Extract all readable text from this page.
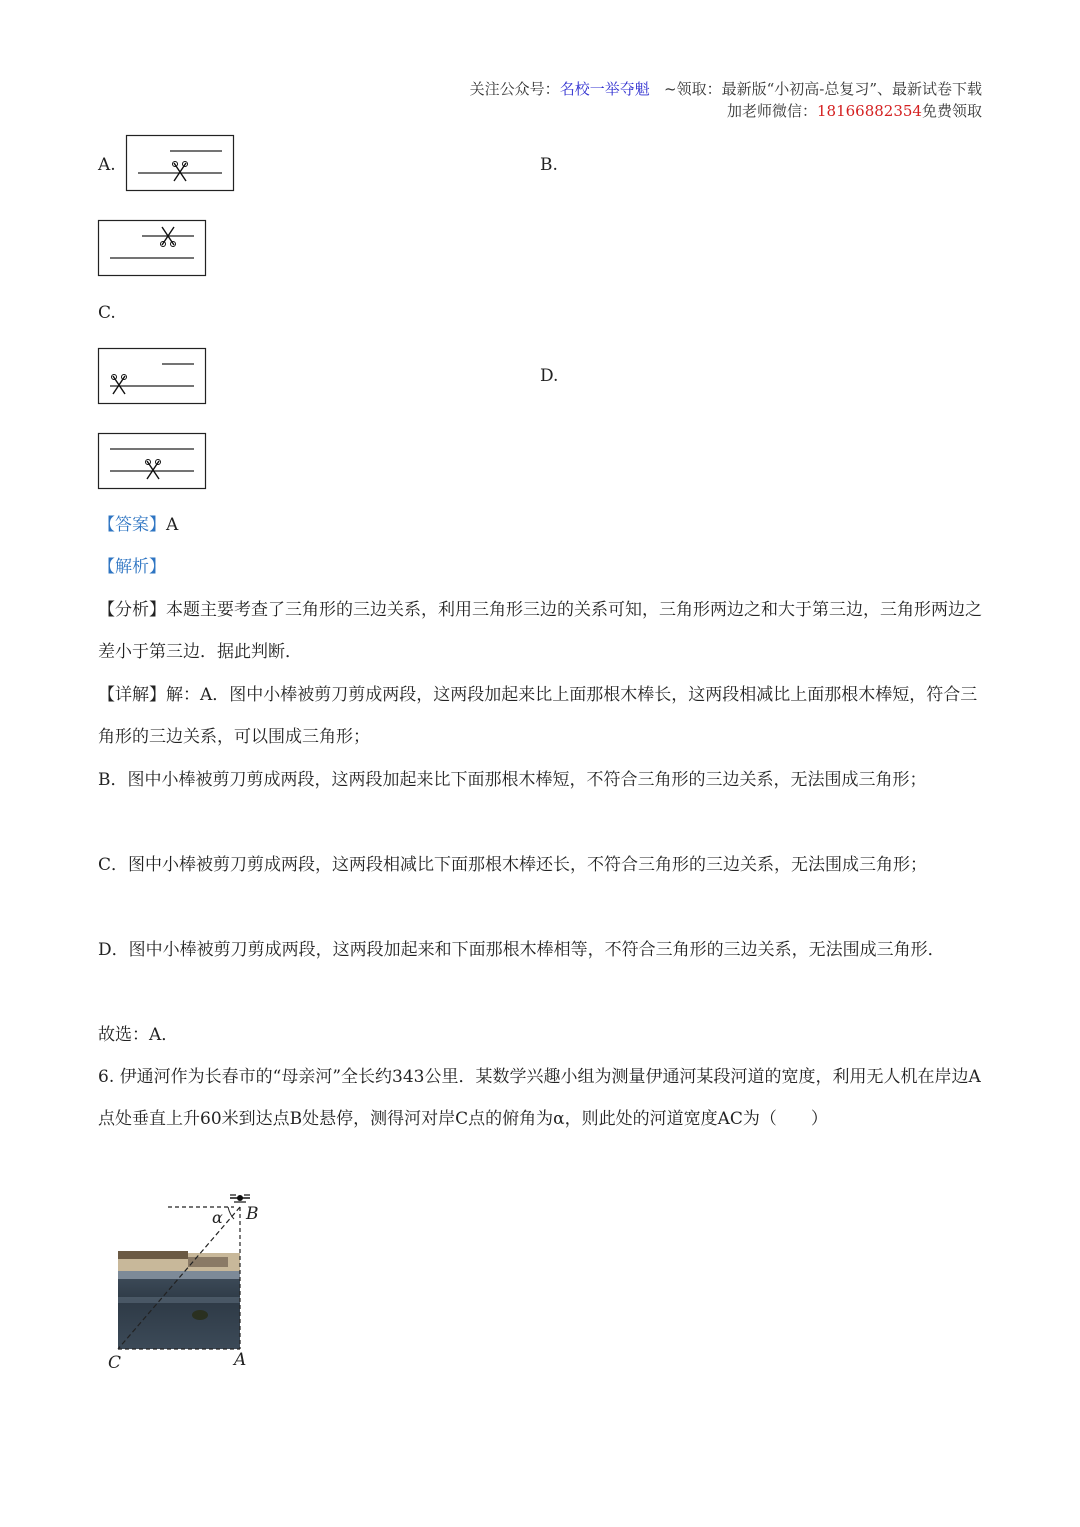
关注公众号：名校一举夺魁 ~领取：最新版“小初高-总复习”、最新试卷下载
加老师微信：18166882354免费领取
A.	B.
C.
D.
【答案】A
【解析】

【分析】本题主要考查了三角形的三边关系，利用三角形三边的关系可知，三角形两边之和大于第三边，三角形两边之差小于第三边．据此判断．

【详解】解：A．图中小棒被剪刀剪成两段，这两段加起来比上面那根木棒长，这两段相减比上面那根木棒短，符合三角形的三边关系，可以围成三角形；

B．图中小棒被剪刀剪成两段，这两段加起来比下面那根木棒短，不符合三角形的三边关系，无法围成三角形；

C．图中小棒被剪刀剪成两段，这两段相减比下面那根木棒还长，不符合三角形的三边关系，无法围成三角形；

D．图中小棒被剪刀剪成两段，这两段加起来和下面那根木棒相等，不符合三角形的三边关系，无法围成三角形．

故选：A．

6. 伊通河作为长春市的“母亲河”全长约343公里．某数学兴趣小组为测量伊通河某段河道的宽度，利用无人机在岸边A点处垂直上升60米到达点B处悬停，测得河对岸C点的俯角为α，则此处的河道宽度AC为（　　）

α B
C	A
